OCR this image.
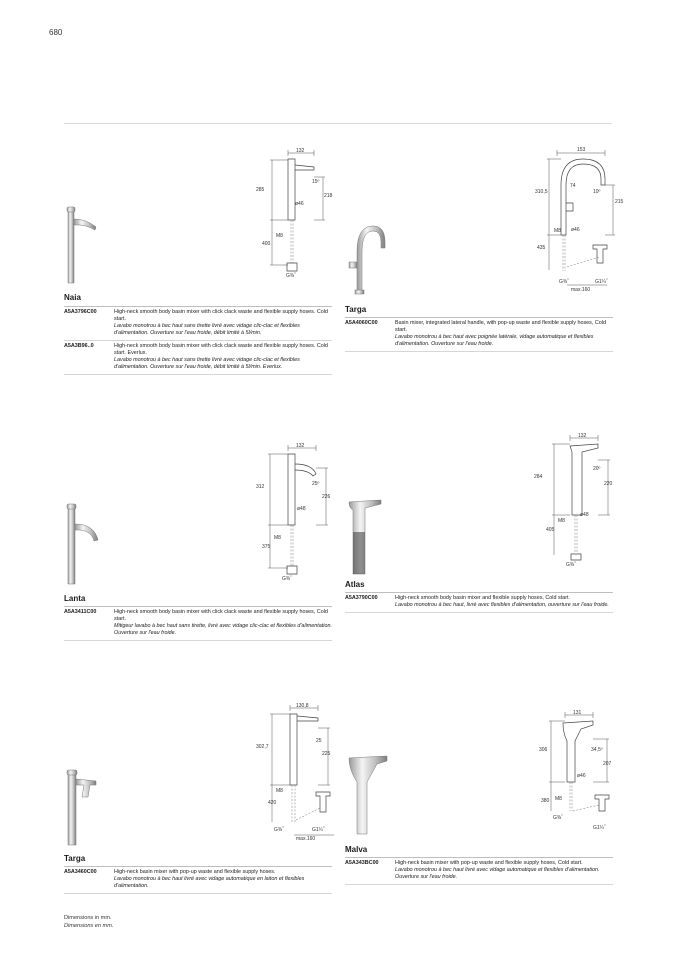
680
132
285
15º
218
ø46
M8
400
G⅜˝
Naia
A5A3796C00	High-neck smooth body basin mixer with click clack waste and flexible supply hoses. Cold start.
Lavabo monotrou à bec haut sans tirette livré avec vidage clic-clac et flexibles d'alimentation. Ouverture sur l'eau froide, débit limité à 5l/min.
A5A3B96..0	High-neck smooth body basin mixer with click clack waste and flexible supply hoses. Cold start. Everlux.
Lavabo monotrou à bec haut sans tirette livré avec vidage clic-clac et flexibles d'alimentation. Ouverture sur l'eau froide, débit limité à 5l/min. Everlux.
153
310,5
74
10º
215
ø46
M8
435
G⅜˝	G1¼˝
max.160
Targa
A5A4060C00	Basin mixer, integrated lateral handle, with pop-up waste and flexible supply hoses, Cold start.
Lavabo monotrou à bec haut avec poignée latérale, vidage automatique et flexibles d'alimentation. Ouverture sur l'eau froide.
132
312	25º
226
ø48
M8
375
G⅜˝
Lanta
A5A3411C00	High-neck smooth body basin mixer with click clack waste and flexible supply hoses, Cold start.
Mitigeur lavabo à bec haut sans tirette, livré avec vidage clic-clac et flexibles d'alimentation. Ouverture sur l'eau froide.
132
284
20º
220
ø48
M8
405
G⅜˝
Atlas
A5A3790C00	High-neck smooth body basin mixer and flexible supply hoses, Cold start.
Lavabo monotrou à bec haut, livré avec flexibles d'alimentation, ouverture sur l'eau froide.
130,8
302,7
25
225
M8
420
G⅜˝	G1¼˝
max.160
Targa
A5A3460C00	High-neck basin mixer with pop-up waste and flexible supply hoses.
Lavabo monotrou à bec haut livré avec vidage automatique en laiton et flexibles d'alimentation.
131
306	34,5º
207
ø46
M8
380
G⅜˝
G1¼˝
Malva
A5A343BC00	High-neck basin mixer with pop-up waste and flexible supply hoses, Cold start.
Lavabo monotrou à bec haut livré avec vidage automatique et flexibles d'alimentation. Ouverture sur l'eau froide.
Dimensions in mm.
Dimensions en mm.
